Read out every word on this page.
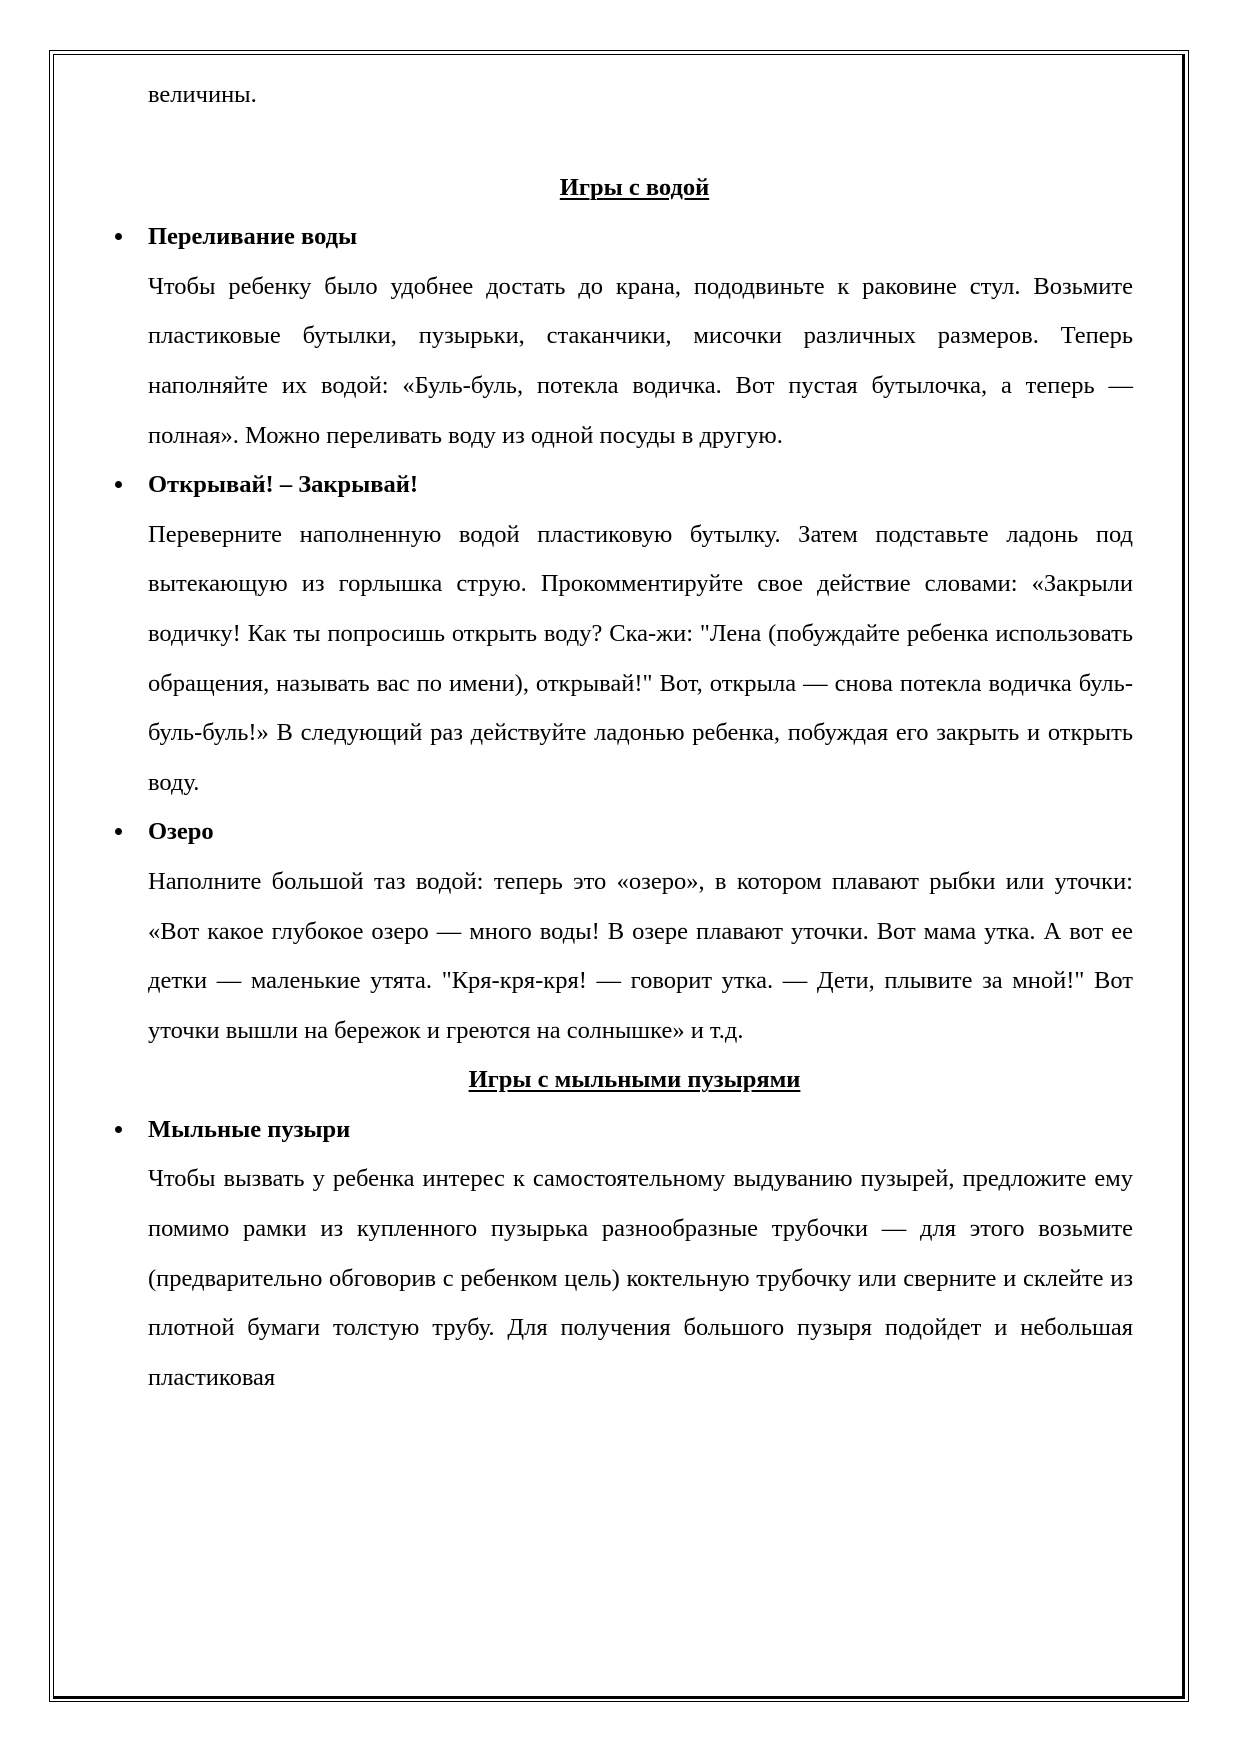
величины.

Игры с водой

Переливание воды

Чтобы ребенку было удобнее достать до крана, пододвиньте к раковине стул. Возьмите пластиковые бутылки, пузырьки, стаканчики, мисочки различных размеров. Теперь наполняйте их водой: «Буль-буль, потекла водичка. Вот пустая бутылочка, а теперь — полная». Можно переливать воду из одной посуды в другую.

Открывай! – Закрывай!

Переверните наполненную водой пластиковую бутылку. Затем подставьте ладонь под вытекающую из горлышка струю. Прокомментируйте свое действие словами: «Закрыли водичку! Как ты попросишь открыть воду? Ска-жи: "Лена (побуждайте ребенка использовать обращения, называть вас по имени), открывай!" Вот, открыла — снова потекла водичка буль-буль-буль!» В следующий раз действуйте ладонью ребенка, побуждая его закрыть и открыть воду.

Озеро

Наполните большой таз водой: теперь это «озеро», в котором плавают рыбки или уточки: «Вот какое глубокое озеро — много воды! В озере плавают уточки. Вот мама утка. А вот ее детки — маленькие утята. "Кря-кря-кря! — говорит утка. — Дети, плывите за мной!" Вот уточки вышли на бережок и греются на солнышке» и т.д.

Игры с мыльными пузырями

Мыльные пузыри

Чтобы вызвать у ребенка интерес к самостоятельному выдуванию пузырей, предложите ему помимо рамки из купленного пузырька разнообразные трубочки — для этого возьмите (предварительно обговорив с ребенком цель) коктельную трубочку или сверните и склейте из плотной бумаги толстую трубу. Для получения большого пузыря подойдет и небольшая пластиковая
